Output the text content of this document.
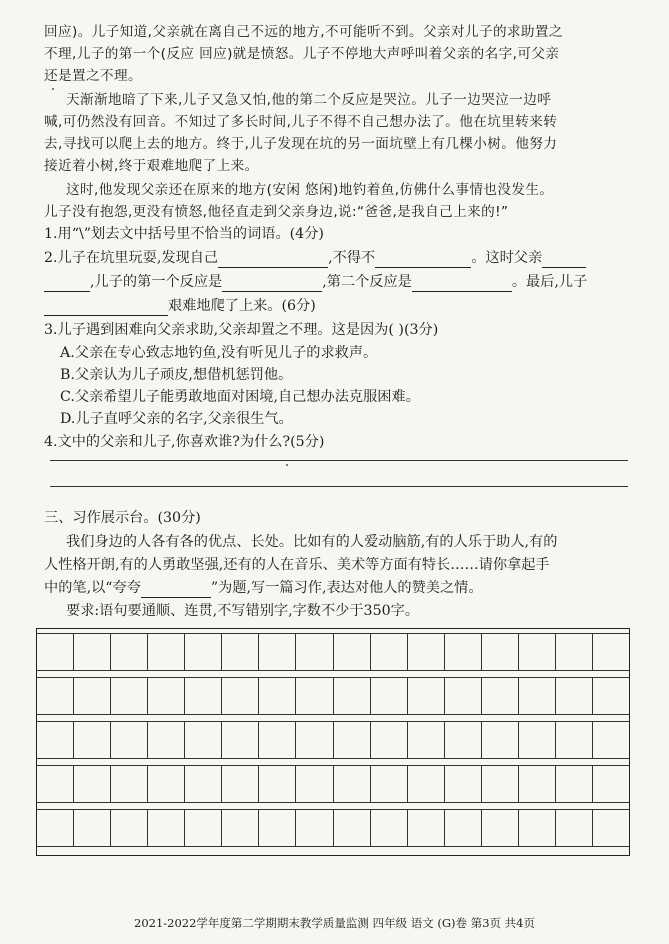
回应)。儿子知道,父亲就在离自己不远的地方,不可能听不到。父亲对儿子的求助置之
不理,儿子的第一个(反应 回应)就是愤怒。儿子不停地大声呼叫着父亲的名字,可父亲
还是置之不理。
天渐渐地暗了下来,儿子又急又怕,他的第二个反应是哭泣。儿子一边哭泣一边呼
喊,可仍然没有回音。不知过了多长时间,儿子不得不自己想办法了。他在坑里转来转
去,寻找可以爬上去的地方。终于,儿子发现在坑的另一面坑壁上有几棵小树。他努力
接近着小树,终于艰难地爬了上来。
这时,他发现父亲还在原来的地方(安闲 悠闲)地钓着鱼,仿佛什么事情也没发生。
儿子没有抱怨,更没有愤怒,他径直走到父亲身边,说:“爸爸,是我自己上来的!”
1.用“\”划去文中括号里不恰当的词语。(4分)
2.儿子在坑里玩耍,发现自己	,不得不	。这时父亲
,儿子的第一个反应是	,第二个反应是	。最后,儿子
艰难地爬了上来。(6分)
3.儿子遇到困难向父亲求助,父亲却置之不理。这是因为( )(3分)
A.父亲在专心致志地钓鱼,没有听见儿子的求救声。
B.父亲认为儿子顽皮,想借机惩罚他。
C.父亲希望儿子能勇敢地面对困境,自己想办法克服困难。
D.儿子直呼父亲的名字,父亲很生气。
4.文中的父亲和儿子,你喜欢谁?为什么?(5分)
三、习作展示台。(30分)
我们身边的人各有各的优点、长处。比如有的人爱动脑筋,有的人乐于助人,有的
人性格开朗,有的人勇敢坚强,还有的人在音乐、美术等方面有特长……请你拿起手
中的笔,以“夸夸	”为题,写一篇习作,表达对他人的赞美之情。
要求:语句要通顺、连贯,不写错别字,字数不少于350字。
2021-2022学年度第二学期期末教学质量监测 四年级 语文 (G)卷 第3页 共4页
